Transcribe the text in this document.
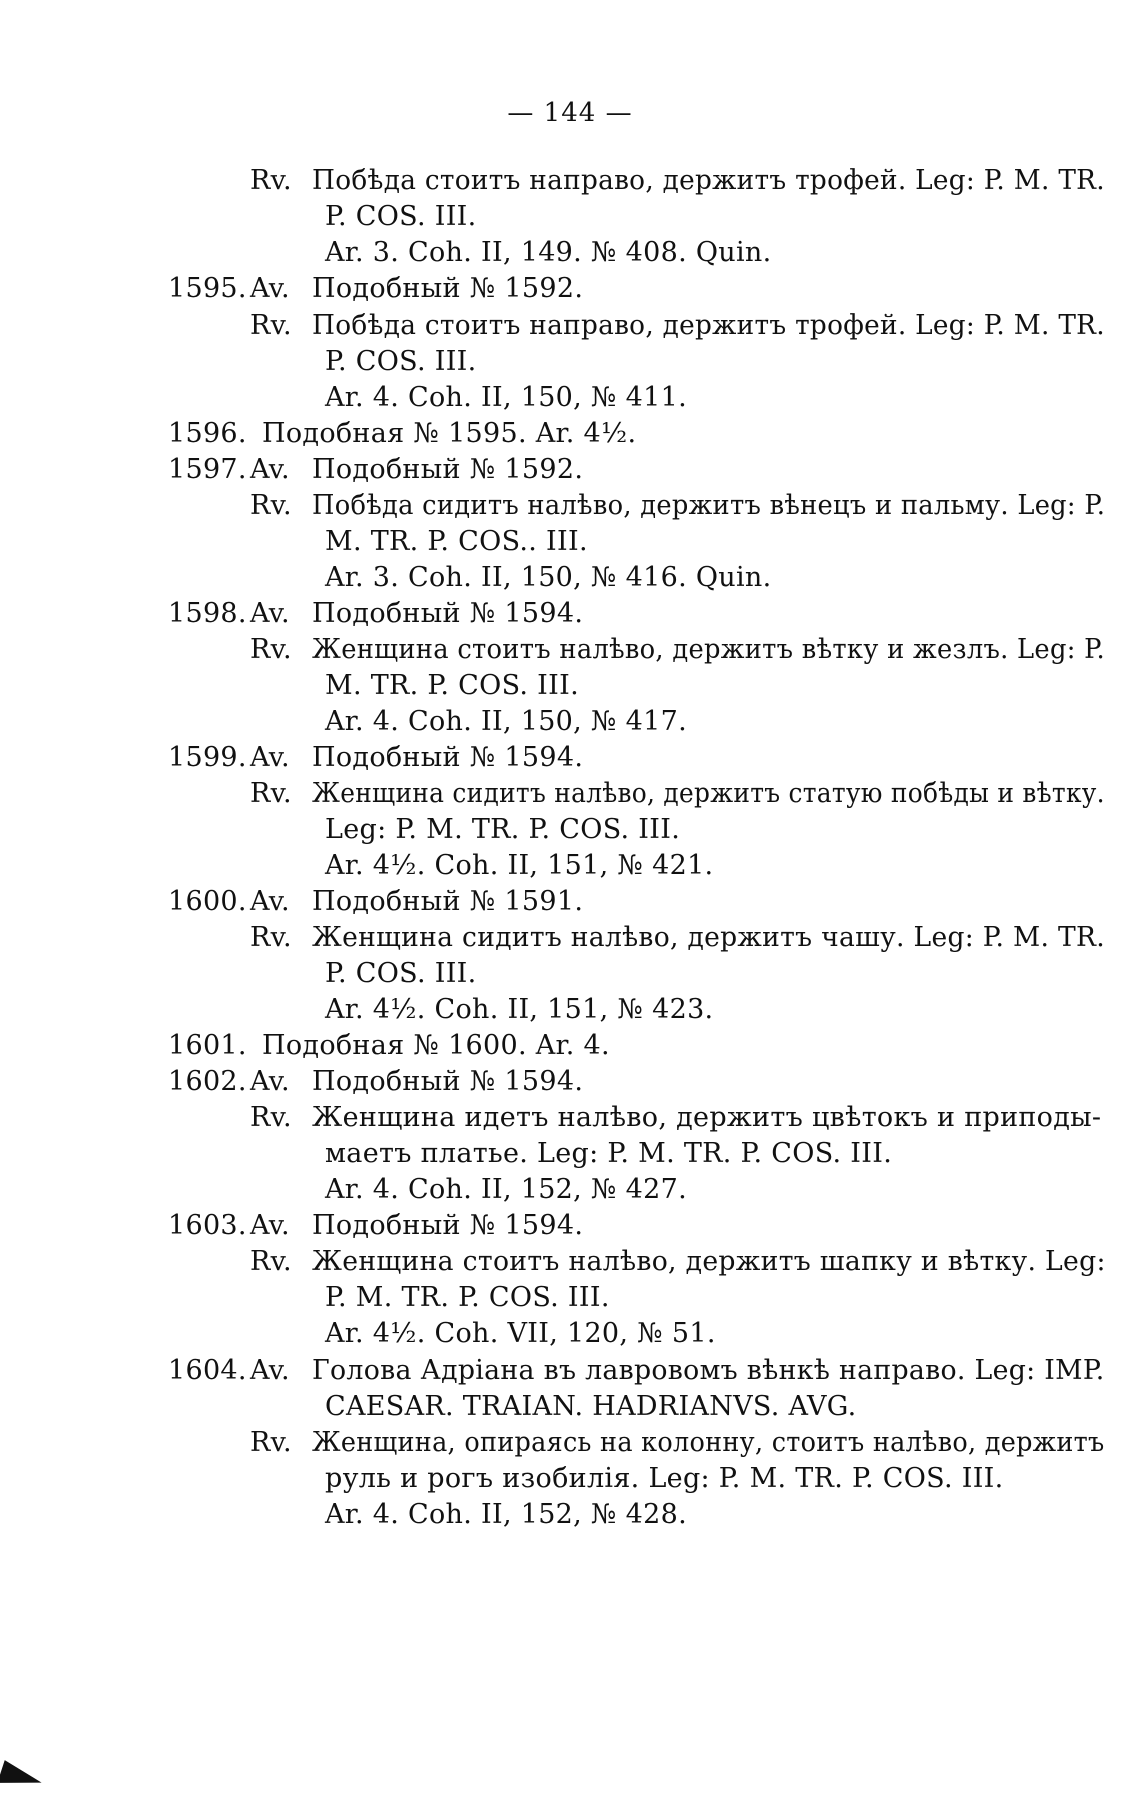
— 144 —
Rv. Побѣда стоитъ направо, держитъ трофей. Leg: P. M. TR.
P. COS. III.
Ar. 3. Coh. II, 149. № 408. Quin.
1595. Av. Подобный № 1592.
Rv. Побѣда стоитъ направо, держитъ трофей. Leg: P. M. TR.
P. COS. III.
Ar. 4. Coh. II, 150, № 411.
1596. Подобная № 1595. Ar. 4½.
1597. Av. Подобный № 1592.
Rv. Побѣда сидитъ налѣво, держитъ вѣнецъ и пальму. Leg: P.
M. TR. P. COS.. III.
Ar. 3. Coh. II, 150, № 416. Quin.
1598. Av. Подобный № 1594.
Rv. Женщина стоитъ налѣво, держитъ вѣтку и жезлъ. Leg: P.
M. TR. P. COS. III.
Ar. 4. Coh. II, 150, № 417.
1599. Av. Подобный № 1594.
Rv. Женщина сидитъ налѣво, держитъ статую побѣды и вѣтку.
Leg: P. M. TR. P. COS. III.
Ar. 4½. Coh. II, 151, № 421.
1600. Av. Подобный № 1591.
Rv. Женщина сидитъ налѣво, держитъ чашу. Leg: P. M. TR.
P. COS. III.
Ar. 4½. Coh. II, 151, № 423.
1601. Подобная № 1600. Ar. 4.
1602. Av. Подобный № 1594.
Rv. Женщина идетъ налѣво, держитъ цвѣтокъ и приподы-
маетъ платье. Leg: P. M. TR. P. COS. III.
Ar. 4. Coh. II, 152, № 427.
1603. Av. Подобный № 1594.
Rv. Женщина стоитъ налѣво, держитъ шапку и вѣтку. Leg:
P. M. TR. P. COS. III.
Ar. 4½. Coh. VII, 120, № 51.
1604. Av. Голова Адріана въ лавровомъ вѣнкѣ направо. Leg: IMP.
CAESAR. TRAIAN. HADRIANVS. AVG.
Rv. Женщина, опираясь на колонну, стоитъ налѣво, держитъ
руль и рогъ изобилія. Leg: P. M. TR. P. COS. III.
Ar. 4. Coh. II, 152, № 428.
